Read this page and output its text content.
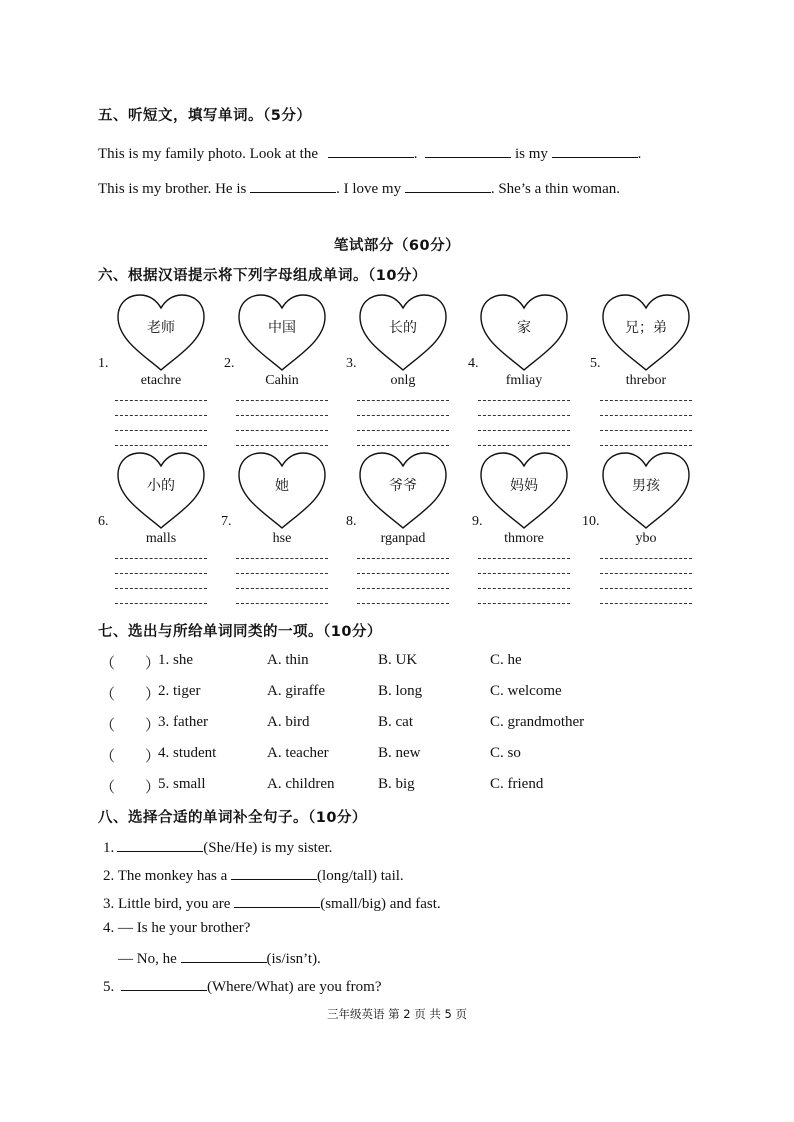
五、听短文，填写单词。（5分）
This is my family photo. Look at the	.	is my	.
This is my brother. He is	. I love my	. She’s a thin woman.
笔试部分（60分）
六、根据汉语提示将下列字母组成单词。（10分）
老师
etachre
1.
中国
Cahin
2.
长的
onlg
3.
家
fmliay
4.
兄；弟
threbor
5.
小的
malls
6.
她
hse
7.
爷爷
rganpad
8.
妈妈
thmore
9.
男孩
ybo
10.
七、选出与所给单词同类的一项。（10分）
（　　）
1. she	A. thin	B. UK	C. he
（　　）
2. tiger	A. giraffe	B. long	C. welcome
（　　）
3. father	A. bird	B. cat	C. grandmother
（　　）
4. student	A. teacher	B. new	C. so
（　　）
5. small	A. children	B. big	C. friend
八、选择合适的单词补全句子。（10分）
1.	(She/He) is my sister.
2. The monkey has a	(long/tall) tail.
3. Little bird, you are	(small/big) and fast.
4. — Is he your brother?
— No, he	(is/isn’t).
5.	(Where/What) are you from?
三年级英语 第 2 页 共 5 页
